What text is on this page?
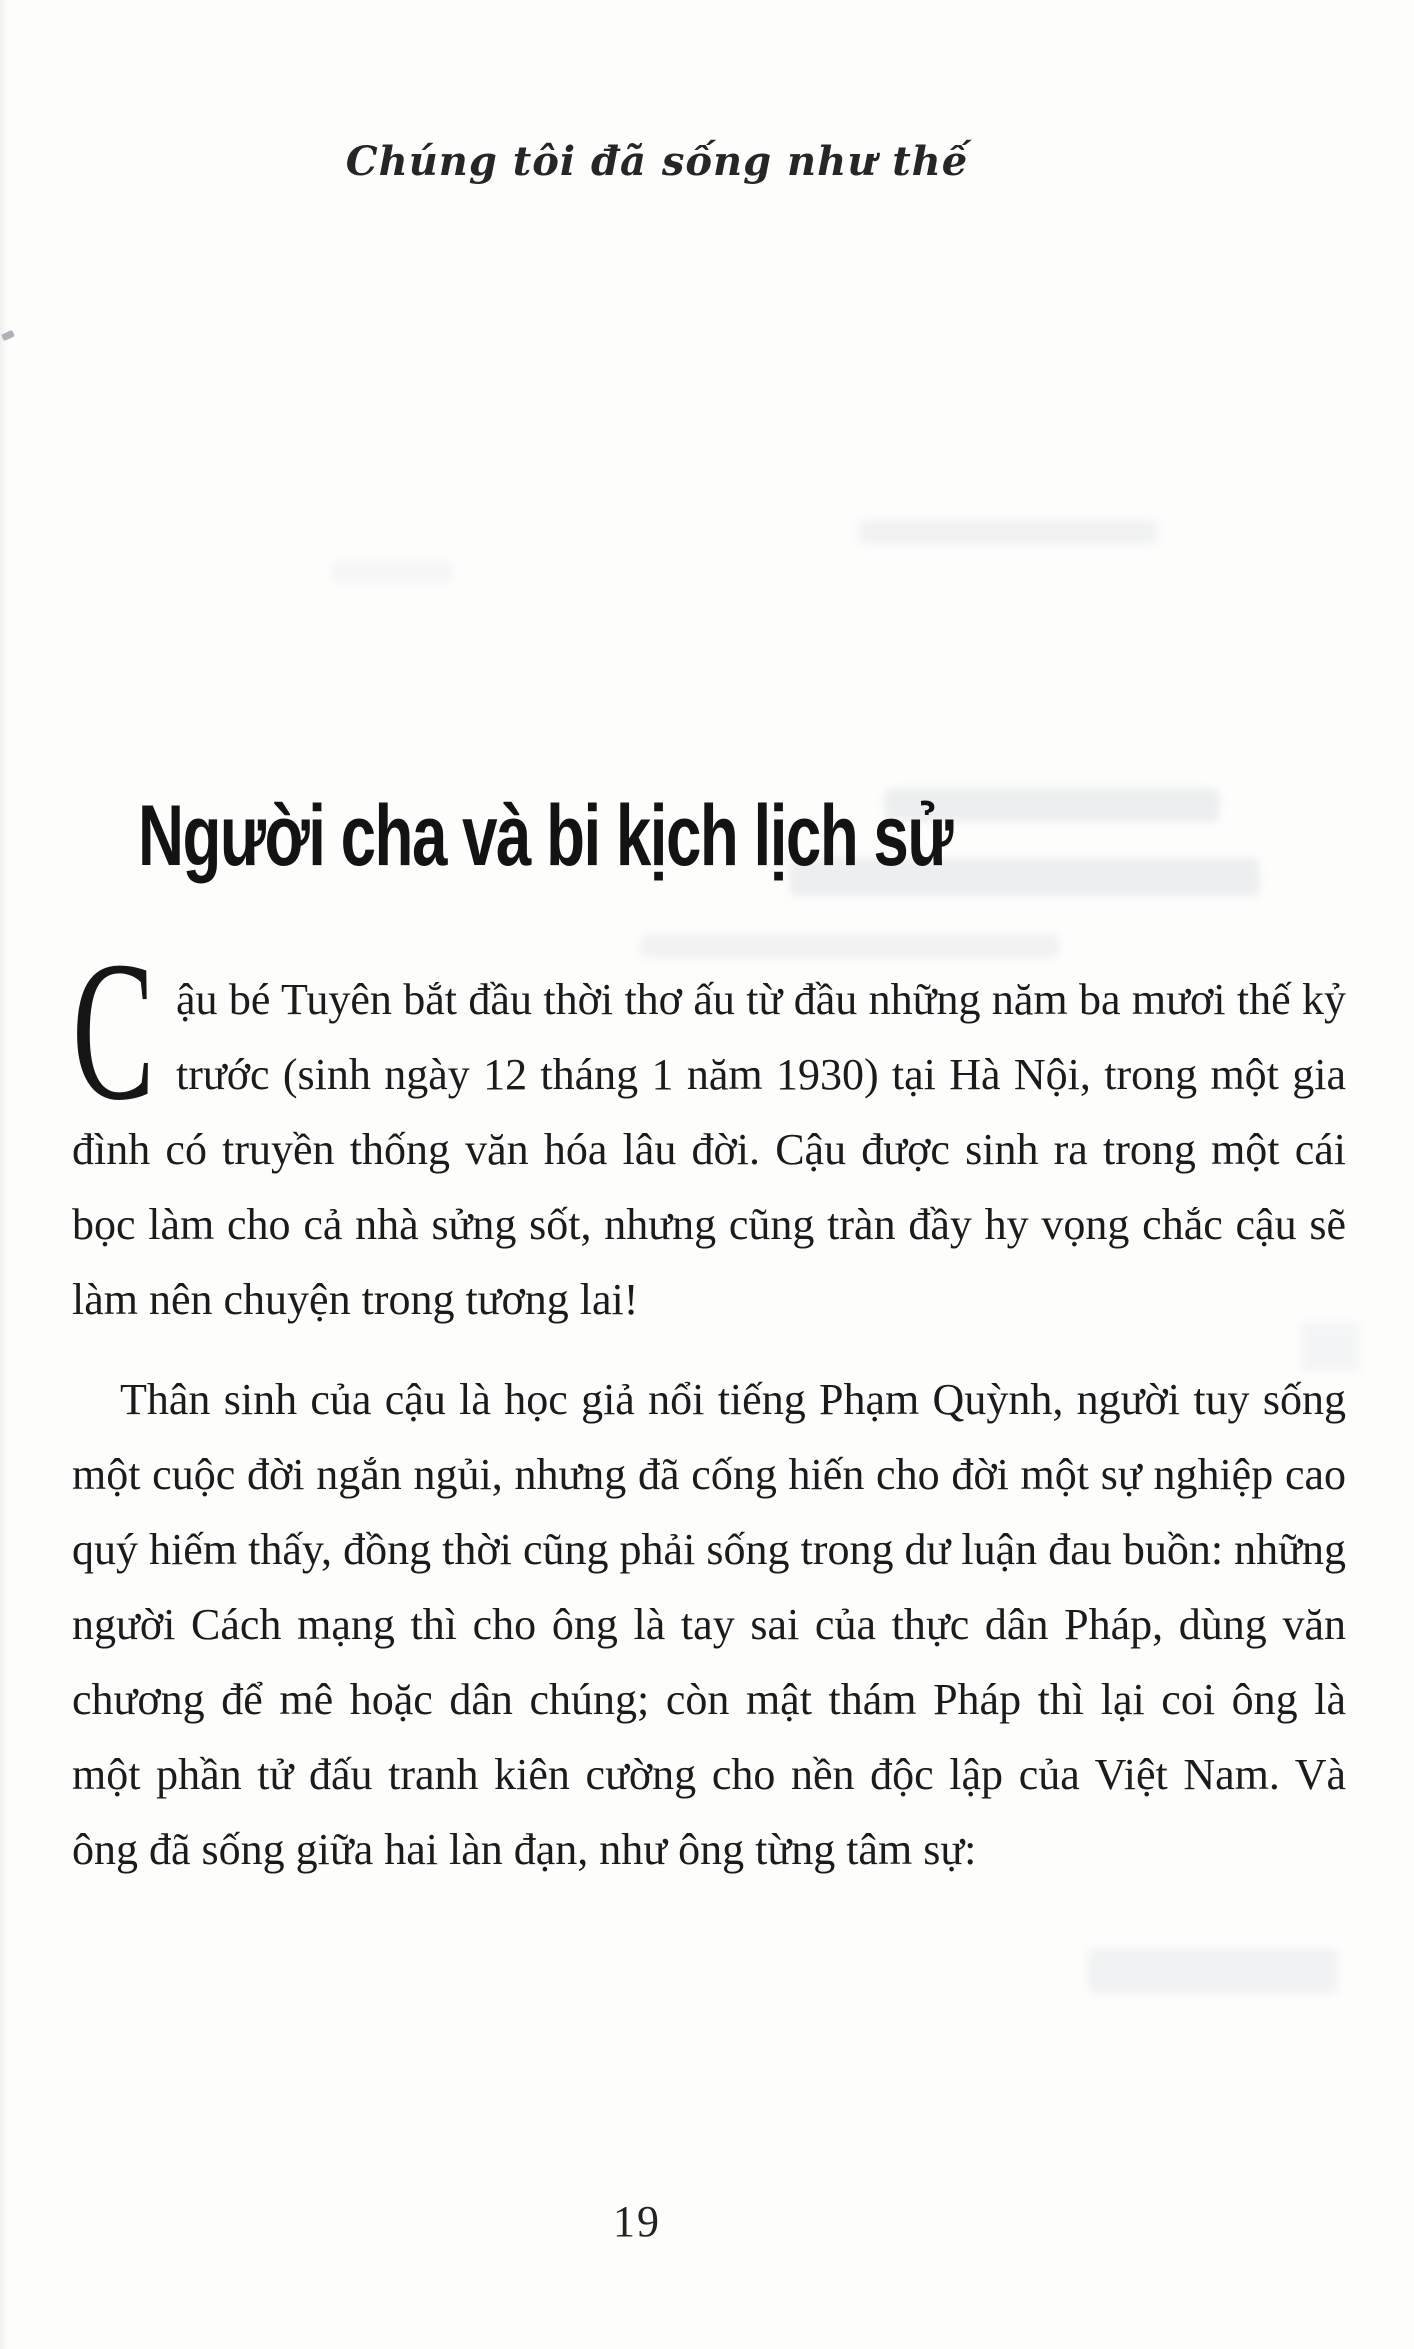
Chúng tôi đã sống như thế
Người cha và bi kịch lịch sử

Cậu bé Tuyên bắt đầu thời thơ ấu từ đầu những năm ba mươi thế kỷ trước (sinh ngày 12 tháng 1 năm 1930) tại Hà Nội, trong một gia đình có truyền thống văn hóa lâu đời. Cậu được sinh ra trong một cái bọc làm cho cả nhà sửng sốt, nhưng cũng tràn đầy hy vọng chắc cậu sẽ làm nên chuyện trong tương lai!

Thân sinh của cậu là học giả nổi tiếng Phạm Quỳnh, người tuy sống một cuộc đời ngắn ngủi, nhưng đã cống hiến cho đời một sự nghiệp cao quý hiếm thấy, đồng thời cũng phải sống trong dư luận đau buồn: những người Cách mạng thì cho ông là tay sai của thực dân Pháp, dùng văn chương để mê hoặc dân chúng; còn mật thám Pháp thì lại coi ông là một phần tử đấu tranh kiên cường cho nền độc lập của Việt Nam. Và ông đã sống giữa hai làn đạn, như ông từng tâm sự:

19
